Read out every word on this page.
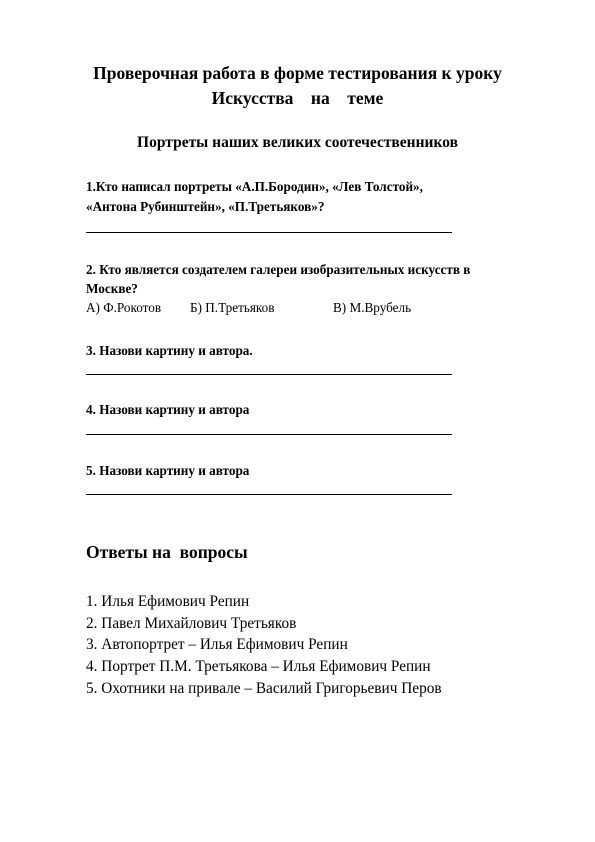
Проверочная работа в форме тестирования к уроку
Искусства    на    теме
Портреты наших великих соотечественников

1.Кто написал портреты «А.П.Бородин», «Лев Толстой»,

«Антона Рубинштейн», «П.Третьяков»?

2. Кто является создателем галереи изобразительных искусств в

Москве?

А) Ф.Рокотов Б) П.Третьяков	В) М.Врубель

3. Назови картину и автора.

4. Назови картину и автора

5. Назови картину и автора

Ответы на  вопросы

1. Илья Ефимович Репин

2. Павел Михайлович Третьяков

3. Автопортрет – Илья Ефимович Репин

4. Портрет П.М. Третьякова – Илья Ефимович Репин

5. Охотники на привале – Василий Григорьевич Перов
